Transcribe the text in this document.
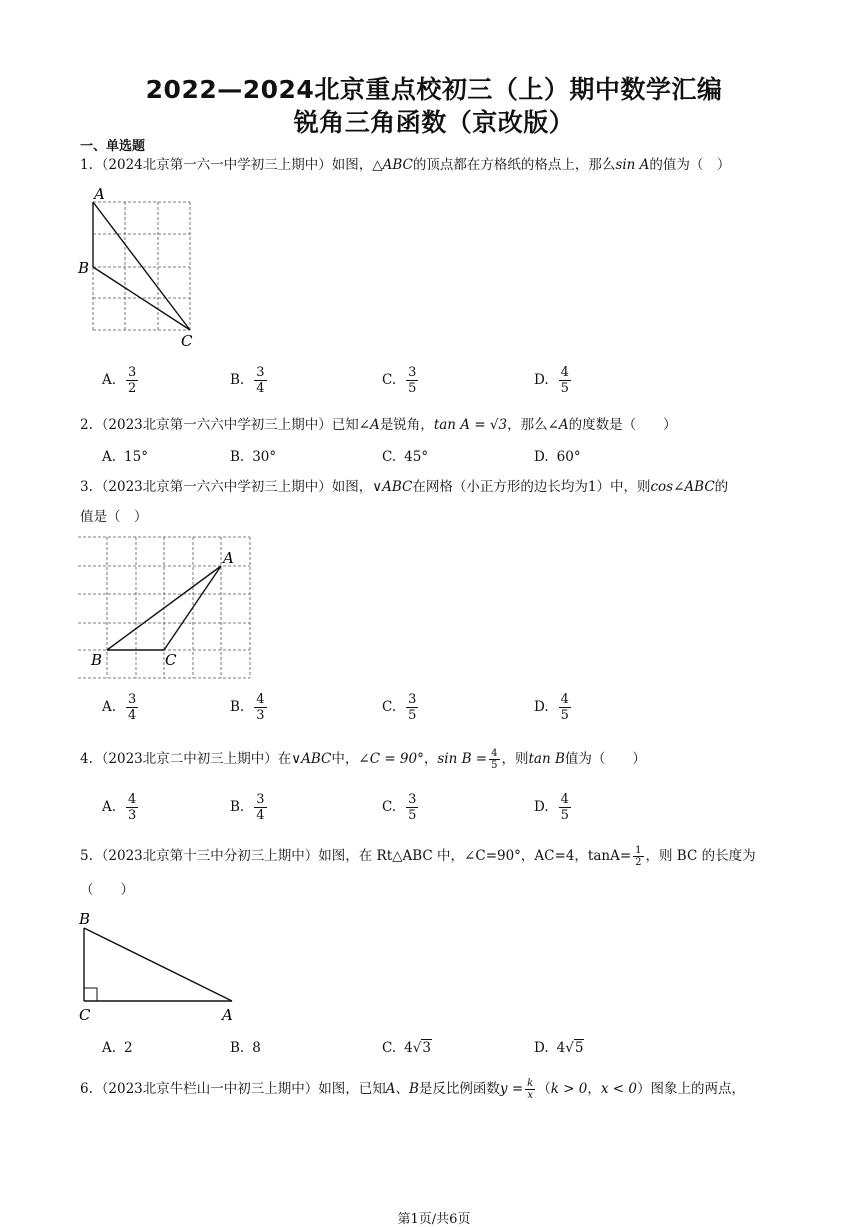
2022—2024北京重点校初三（上）期中数学汇编
锐角三角函数（京改版）
一、单选题
1. （2024北京第一六一中学初三上期中）如图，△ABC的顶点都在方格纸的格点上，那么sin A的值为（　）
A
B
C
A. $\frac{3}{2}$	B. $\frac{3}{4}$	C. $\frac{3}{5}$	D. $\frac{4}{5}$
2. （2023北京第一六六中学初三上期中）已知∠A是锐角，tan A = √3，那么∠A的度数是（　　）
A. 15°	B. 30°	C. 45°	D. 60°
3. （2023北京第一六六中学初三上期中）如图，∨ABC在网格（小正方形的边长均为1）中，则cos∠ABC的
值是（　）
A
B	C
A. $\frac{3}{4}$	B. $\frac{4}{3}$	C. $\frac{3}{5}$	D. $\frac{4}{5}$
4. （2023北京二中初三上期中）在∨ABC中，∠C = 90°，$\sin B = \frac{4}{5}$ ，则tan B值为（　　）
A. $\frac{4}{3}$	B. $\frac{3}{4}$	C. $\frac{3}{5}$	D. $\frac{4}{5}$
5. （2023北京第十三中分初三上期中）如图，在 Rt△ABC 中，∠C=90°，AC=4，$\tan A= \frac{1}{2}$ ，则 BC 的长度为
（　　）
B
C	A
A. 2	B. 8	C. 4√3	D. 4√5
6. （2023北京牛栏山一中初三上期中）如图，已知A、B是反比例函数$y = \frac{k}{x} (k > 0$，x < 0）图象上的两点，
第1页/共6页
